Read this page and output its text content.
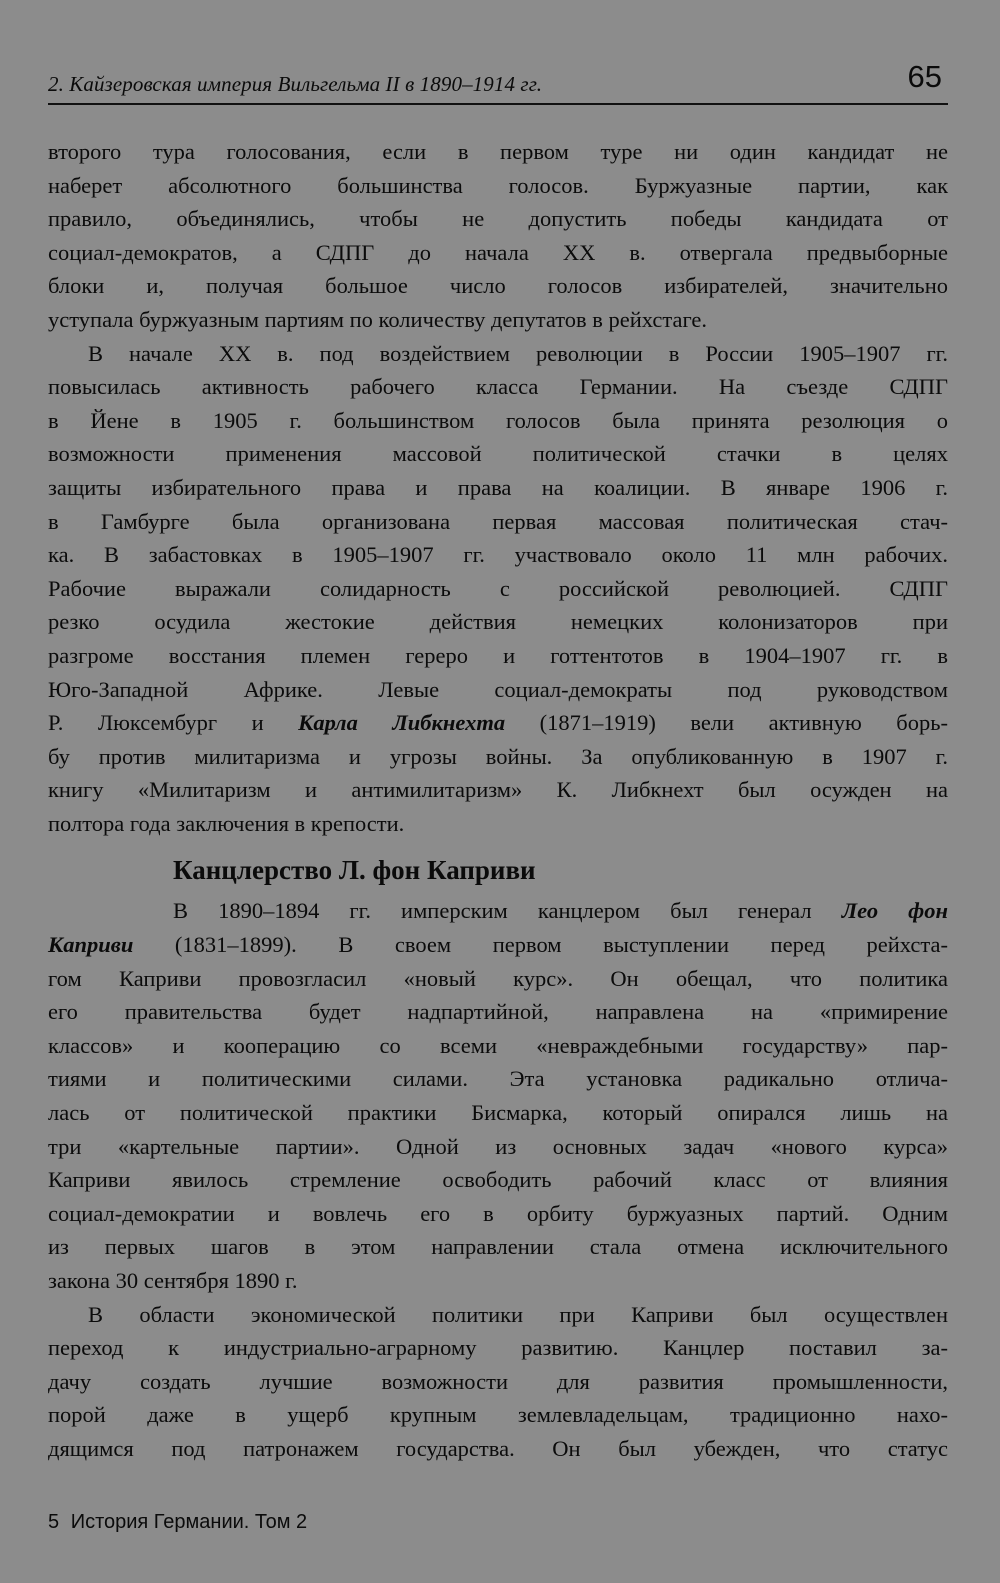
2. Кайзеровская империя Вильгельма II в 1890–1914 гг.	65

второго тура голосования, если в первом туре ни один кандидат не
наберет абсолютного большинства голосов. Буржуазные партии, как
правило, объединялись, чтобы не допустить победы кандидата от
социал-демократов, а СДПГ до начала XX в. отвергала предвыборные
блоки и, получая большое число голосов избирателей, значительно
уступала буржуазным партиям по количеству депутатов в рейхстаге.

В начале XX в. под воздействием революции в России 1905–1907 гг.
повысилась активность рабочего класса Германии. На съезде СДПГ
в Йене в 1905 г. большинством голосов была принята резолюция о
возможности применения массовой политической стачки в целях
защиты избирательного права и права на коалиции. В январе 1906 г.
в Гамбурге была организована первая массовая политическая стач-
ка. В забастовках в 1905–1907 гг. участвовало около 11 млн рабочих.
Рабочие выражали солидарность с российской революцией. СДПГ
резко осудила жестокие действия немецких колонизаторов при
разгроме восстания племен гереро и готтентотов в 1904–1907 гг. в
Юго-Западной Африке. Левые социал-демократы под руководством
Р. Люксембург и Карла Либкнехта (1871–1919) вели активную борь-
бу против милитаризма и угрозы войны. За опубликованную в 1907 г.
книгу «Милитаризм и антимилитаризм» К. Либкнехт был осужден на
полтора года заключения в крепости.

Канцлерство Л. фон Каприви

В 1890–1894 гг. имперским канцлером был генерал Лео фон
Каприви (1831–1899). В своем первом выступлении перед рейхста-
гом Каприви провозгласил «новый курс». Он обещал, что политика
его правительства будет надпартийной, направлена на «примирение
классов» и кооперацию со всеми «невраждебными государству» пар-
тиями и политическими силами. Эта установка радикально отлича-
лась от политической практики Бисмарка, который опирался лишь на
три «картельные партии». Одной из основных задач «нового курса»
Каприви явилось стремление освободить рабочий класс от влияния
социал-демократии и вовлечь его в орбиту буржуазных партий. Одним
из первых шагов в этом направлении стала отмена исключительного
закона 30 сентября 1890 г.

В области экономической политики при Каприви был осуществлен
переход к индустриально-аграрному развитию. Канцлер поставил за-
дачу создать лучшие возможности для развития промышленности,
порой даже в ущерб крупным землевладельцам, традиционно нахо-
дящимся под патронажем государства. Он был убежден, что статус

5 История Германии. Том 2
